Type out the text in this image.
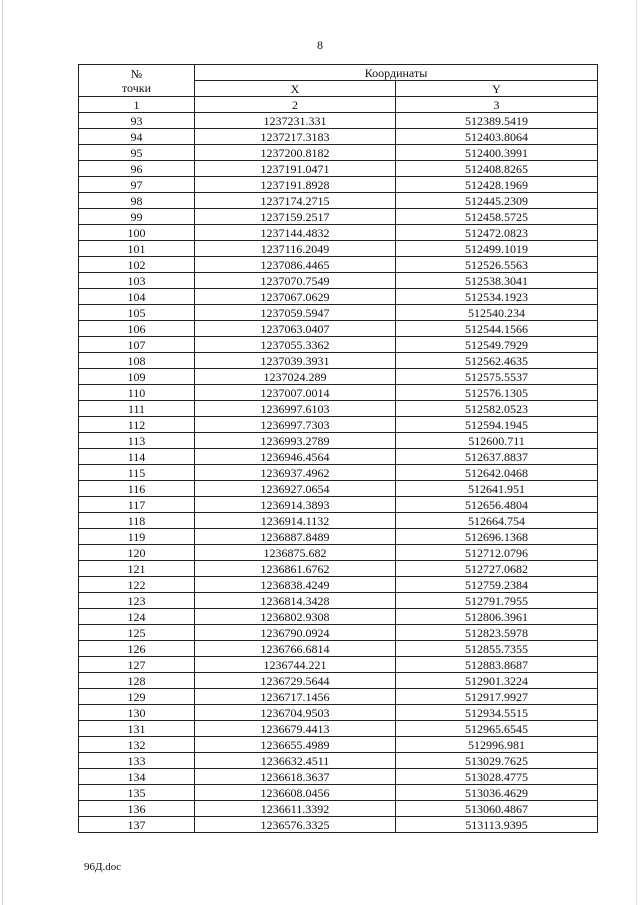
8
№
точки	Координаты	
	X	Y
1	2	3
93	1237231.331	512389.5419
94	1237217.3183	512403.8064
95	1237200.8182	512400.3991
96	1237191.0471	512408.8265
97	1237191.8928	512428.1969
98	1237174.2715	512445.2309
99	1237159.2517	512458.5725
100	1237144.4832	512472.0823
101	1237116.2049	512499.1019
102	1237086.4465	512526.5563
103	1237070.7549	512538.3041
104	1237067.0629	512534.1923
105	1237059.5947	512540.234
106	1237063.0407	512544.1566
107	1237055.3362	512549.7929
108	1237039.3931	512562.4635
109	1237024.289	512575.5537
110	1237007.0014	512576.1305
111	1236997.6103	512582.0523
112	1236997.7303	512594.1945
113	1236993.2789	512600.711
114	1236946.4564	512637.8837
115	1236937.4962	512642.0468
116	1236927.0654	512641.951
117	1236914.3893	512656.4804
118	1236914.1132	512664.754
119	1236887.8489	512696.1368
120	1236875.682	512712.0796
121	1236861.6762	512727.0682
122	1236838.4249	512759.2384
123	1236814.3428	512791.7955
124	1236802.9308	512806.3961
125	1236790.0924	512823.5978
126	1236766.6814	512855.7355
127	1236744.221	512883.8687
128	1236729.5644	512901.3224
129	1236717.1456	512917.9927
130	1236704.9503	512934.5515
131	1236679.4413	512965.6545
132	1236655.4989	512996.981
133	1236632.4511	513029.7625
134	1236618.3637	513028.4775
135	1236608.0456	513036.4629
136	1236611.3392	513060.4867
137	1236576.3325	513113.9395
96Д.doc
